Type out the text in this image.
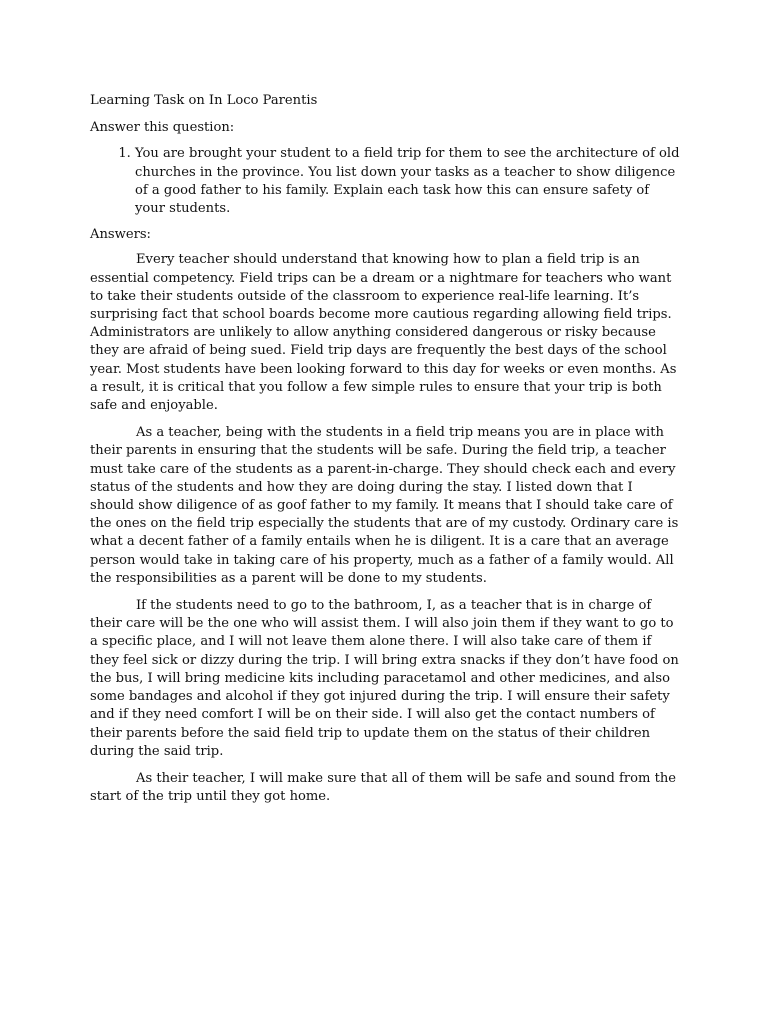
Learning Task on In Loco Parentis

Answer this question:

1. You are brought your student to a field trip for them to see the architecture of old churches in the province. You list down your tasks as a teacher to show diligence of a good father to his family. Explain each task how this can ensure safety of your students.

Answers:

Every teacher should understand that knowing how to plan a field trip is an essential competency. Field trips can be a dream or a nightmare for teachers who want to take their students outside of the classroom to experience real-life learning. It’s surprising fact that school boards become more cautious regarding allowing field trips. Administrators are unlikely to allow anything considered dangerous or risky because they are afraid of being sued. Field trip days are frequently the best days of the school year. Most students have been looking forward to this day for weeks or even months. As a result, it is critical that you follow a few simple rules to ensure that your trip is both safe and enjoyable.

As a teacher, being with the students in a field trip means you are in place with their parents in ensuring that the students will be safe. During the field trip, a teacher must take care of the students as a parent-in-charge. They should check each and every status of the students and how they are doing during the stay. I listed down that I should show diligence of as goof father to my family. It means that I should take care of the ones on the field trip especially the students that are of my custody. Ordinary care is what a decent father of a family entails when he is diligent. It is a care that an average person would take in taking care of his property, much as a father of a family would. All the responsibilities as a parent will be done to my students.

If the students need to go to the bathroom, I, as a teacher that is in charge of their care will be the one who will assist them. I will also join them if they want to go to a specific place, and I will not leave them alone there. I will also take care of them if they feel sick or dizzy during the trip. I will bring extra snacks if they don’t have food on the bus, I will bring medicine kits including paracetamol and other medicines, and also some bandages and alcohol if they got injured during the trip. I will ensure their safety and if they need comfort I will be on their side. I will also get the contact numbers of their parents before the said field trip to update them on the status of their children during the said trip.

As their teacher, I will make sure that all of them will be safe and sound from the start of the trip until they got home.
